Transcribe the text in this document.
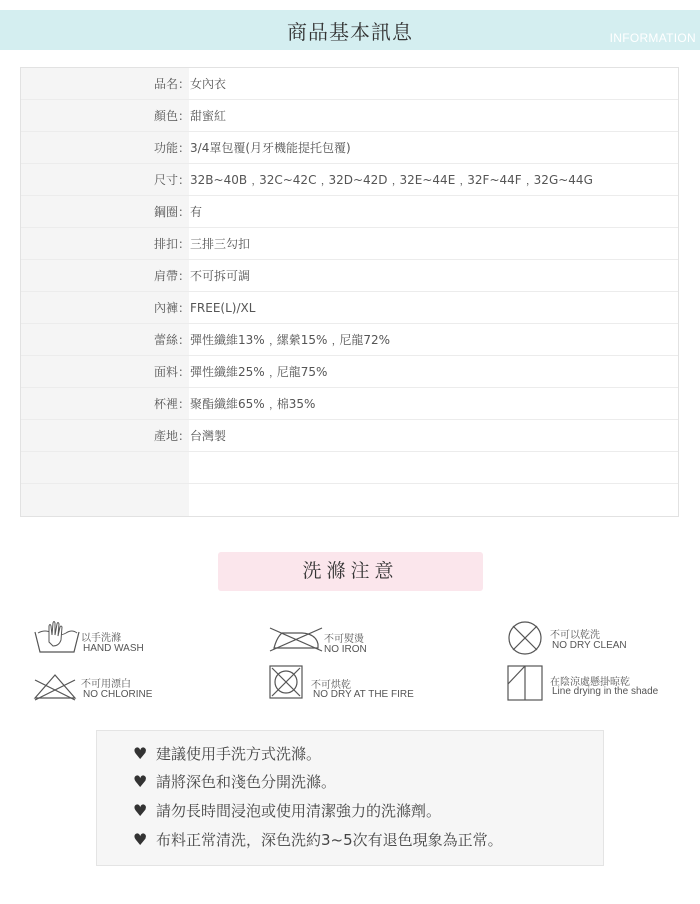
商品基本訊息	INFORMATION
品名 ： 女內衣
顏色 ： 甜蜜紅
功能 ： 3/4罩包覆(月牙機能提托包覆)
尺寸 ： 32B~40B﹐32C~42C﹐32D~42D﹐32E~44E﹐32F~44F﹐32G~44G
鋼圈 ： 有
排扣 ： 三排三勾扣
肩帶 ： 不可拆可調
內褲 ： FREE(L)/XL
蕾絲 ： 彈性纖維13%﹐縲縈15%﹐尼龍72%
面料 ： 彈性纖維25%﹐尼龍75%
杯裡 ： 聚酯纖維65%﹐棉35%
產地 ： 台灣製
洗滌注意
以手洗滌
HAND WASH
不可熨燙
NO IRON
不可以乾洗
NO DRY CLEAN
不可用漂白
NO CHLORINE
不可烘乾
NO DRY AT THE FIRE
在陰涼處懸掛晾乾
Line drying in the shade
♥ 建議使用手洗方式洗滌。
♥ 請將深色和淺色分開洗滌。
♥ 請勿長時間浸泡或使用清潔強力的洗滌劑。
♥ 布料正常清洗，深色洗約3~5次有退色現象為正常。
